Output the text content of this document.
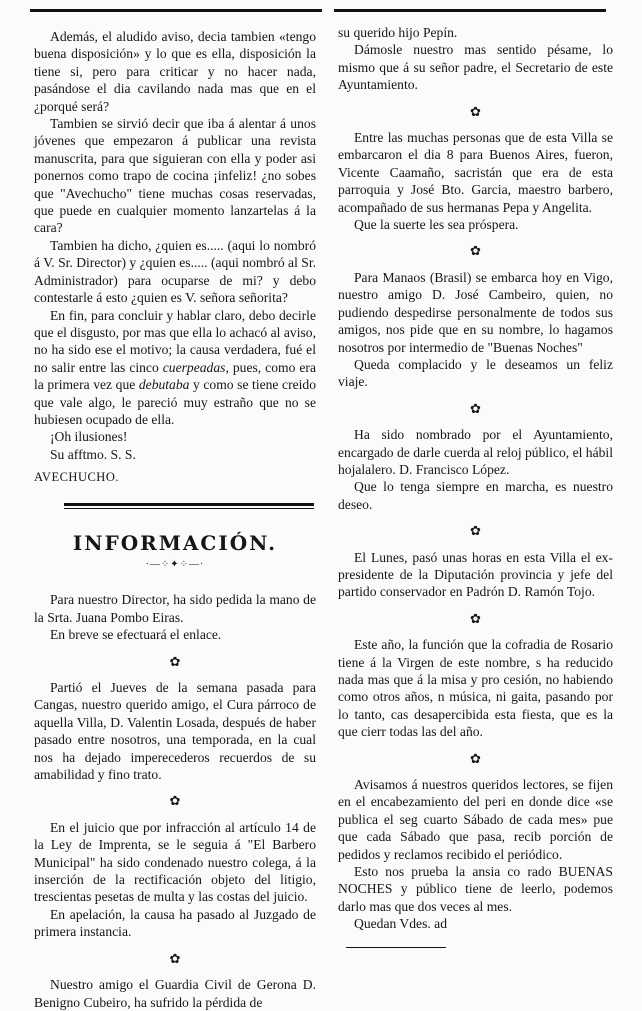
Además, el aludido aviso, decia tambien «tengo buena disposición» y lo que es ella, disposición la tiene si, pero para criticar y no hacer nada, pasándose el dia cavilando nada mas que en el ¿porqué será?

Tambien se sirvió decir que iba á alentar á unos jóvenes que empezaron á publicar una revista manuscrita, para que siguieran con ella y poder asi ponernos como trapo de cocina ¡infeliz! ¿no sobes que "Avechucho" tiene muchas cosas reservadas, que puede en cualquier momento lanzartelas á la cara?

Tambien ha dicho, ¿quien es..... (aqui lo nombró á V. Sr. Director) y ¿quien es..... (aqui nombró al Sr. Administrador) para ocuparse de mi? y debo contestarle á esto ¿quien es V. señora señorita?

En fin, para concluir y hablar claro, debo decirle que el disgusto, por mas que ella lo achacó al aviso, no ha sido ese el motivo; la causa verdadera, fué el no salir entre las cinco cuerpeadas, pues, como era la primera vez que debutaba y como se tiene creido que vale algo, le pareció muy estraño que no se hubiesen ocupado de ella.

¡Oh ilusiones!

Su afftmo. S. S.

AVECHUCHO.

INFORMACIÓN.
·—⁘✦⁘—·

Para nuestro Director, ha sido pedida la mano de la Srta. Juana Pombo Eiras.

En breve se efectuará el enlace.

✿

Partió el Jueves de la semana pasada para Cangas, nuestro querido amigo, el Cura párroco de aquella Villa, D. Valentin Losada, después de haber pasado entre nosotros, una temporada, en la cual nos ha dejado imperecederos recuerdos de su amabilidad y fino trato.

✿

En el juicio que por infracción al artículo 14 de la Ley de Imprenta, se le seguia á "El Barbero Municipal" ha sido condenado nuestro colega, á la inserción de la rectificación objeto del litigio, trescientas pesetas de multa y las costas del juicio.

En apelación, la causa ha pasado al Juzgado de primera instancia.

✿

Nuestro amigo el Guardia Civil de Gerona D. Benigno Cubeiro, ha sufrido la pérdida de

su querido hijo Pepín.

Dámosle nuestro mas sentido pésame, lo mismo que á su señor padre, el Secretario de este Ayuntamiento.

✿

Entre las muchas personas que de esta Villa se embarcaron el dia 8 para Buenos Aires, fueron, Vicente Caamaño, sacristán que era de esta parroquia y José Bto. Garcia, maestro barbero, acompañado de sus hermanas Pepa y Angelita.

Que la suerte les sea próspera.

✿

Para Manaos (Brasil) se embarca hoy en Vigo, nuestro amigo D. José Cambeiro, quien, no pudiendo despedirse personalmente de todos sus amigos, nos pide que en su nombre, lo hagamos nosotros por intermedio de "Buenas Noches"

Queda complacido y le deseamos un feliz viaje.

✿

Ha sido nombrado por el Ayuntamiento, encargado de darle cuerda al reloj público, el hábil hojalalero. D. Francisco López.

Que lo tenga siempre en marcha, es nuestro deseo.

✿

El Lunes, pasó unas horas en esta Villa el ex-presidente de la Diputación provincia y jefe del partido conservador en Padrón D. Ramón Tojo.

✿

Este año, la función que la cofradia de Rosario tiene á la Virgen de este nombre, s ha reducido nada mas que á la misa y pro cesión, no habiendo como otros años, n música, ni gaita, pasando por lo tanto, cas desapercibida esta fiesta, que es la que cierr todas las del año.

✿

Avisamos á nuestros queridos lectores, se fijen en el encabezamiento del peri en donde dice «se publica el seg cuarto Sábado de cada mes» pue que cada Sábado que pasa, recib porción de pedidos y reclamos recibido el periódico.

Esto nos prueba la ansia co rado BUENAS NOCHES y público tiene de leerlo, podemos darlo mas que dos veces al mes.

Quedan Vdes. ad
